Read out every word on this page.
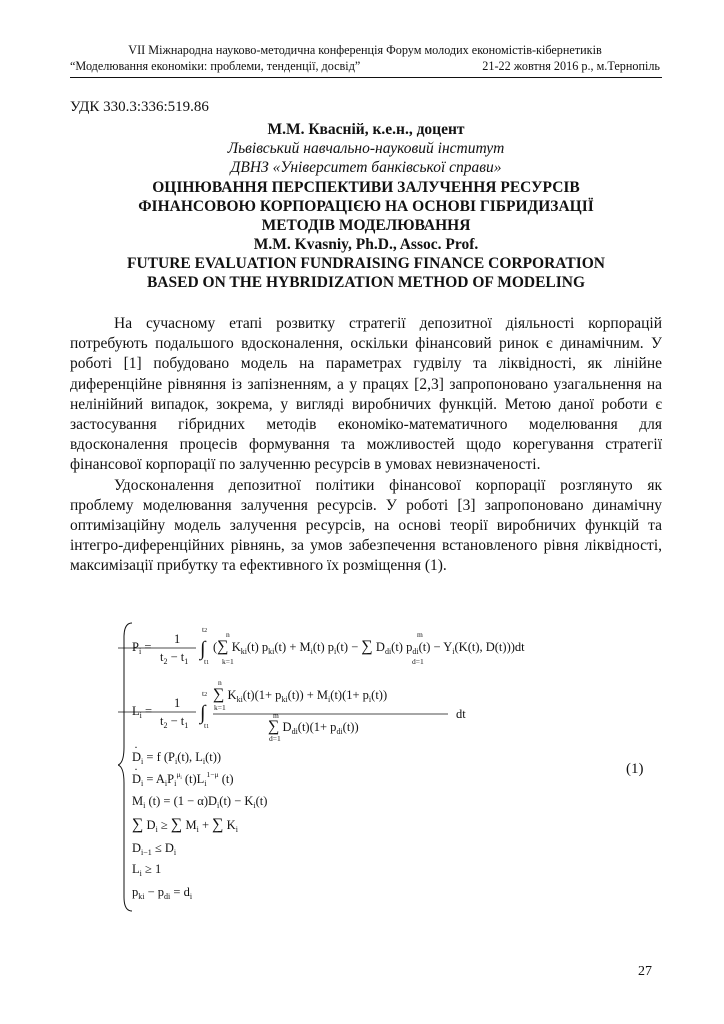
VII Міжнародна науково-методична конференція Форум молодих економістів-кібернетиків
“Моделювання економіки: проблеми, тенденції, досвід”	21-22 жовтня 2016 р., м.Тернопіль
УДК 330.3:336:519.86
М.М. Квасній, к.е.н., доцент
Львівський навчально-науковий інститут
ДВНЗ «Університет банківської справи»
ОЦІНЮВАННЯ ПЕРСПЕКТИВИ ЗАЛУЧЕННЯ РЕСУРСІВ
ФІНАНСОВОЮ КОРПОРАЦІЄЮ НА ОСНОВІ ГІБРИДИЗАЦІЇ
МЕТОДІВ МОДЕЛЮВАННЯ
M.M. Kvasniy, Ph.D., Assoc. Prof.
FUTURE EVALUATION FUNDRAISING FINANCE CORPORATION
BASED ON THE HYBRIDIZATION METHOD OF MODELING

На сучасному етапі розвитку стратегії депозитної діяльності корпорацій потребують подальшого вдосконалення, оскільки фінансовий ринок є динамічним. У роботі [1] побудовано модель на параметрах гудвілу та ліквідності, як лінійне диференційне рівняння із запізненням, а у працях [2,3] запропоновано узагальнення на нелінійний випадок, зокрема, у вигляді виробничих функцій. Метою даної роботи є застосування гібридних методів економіко-математичного моделювання для вдосконалення процесів формування та можливостей щодо корегування стратегії фінансової корпорації по залученню ресурсів в умовах невизначеності.

Удосконалення депозитної політики фінансової корпорації розглянуто як проблему моделювання залучення ресурсів. У роботі [3] запропоновано динамічну оптимізаційну модель залучення ресурсів, на основі теорії виробничих функцій та інтегро-диференційних рівнянь, за умов забезпечення встановленого рівня ліквідності, максимізації прибутку та ефективного їх розміщення (1).

$P_i$ =
1
$t_2 - t_1$
∫
t2
t1
(∑ $K_{ki}(t) p_{ki}(t) + M_i(t) p_i(t)$ − ∑ $D_{di}(t) p_{di}(t) - Y_i(K(t)$, D(t)))dt
n
k=1
m
d=1
$L_i$ =
1
$t_2 - t_1$
∫
t2
t1
∑ $K_{ki}(t)(1+ p_{ki}(t)) + M_i(t)(1+ p_i(t))$
n
k=1	dt
∑ $D_{di}(t)(1+ p_{di}(t))$
m
d=1
$D_i = f$ ($P_i(t)$, $L_i(t)$)
·
$D_i = A_iP_i^\mu i$ $(t)L_i^{1-\mu}$ (t)
·
$M_i$ $(t) = (1 - \alpha)D_i(t) - K_i(t)$
∑ $D_i$ ≥ ∑ $M_i$ + ∑ $K_i$
$D_{i-1} \le D_i$
$L_i \ge 1$
$p_{ki} - p_{di} = d_i$
(1)
27
